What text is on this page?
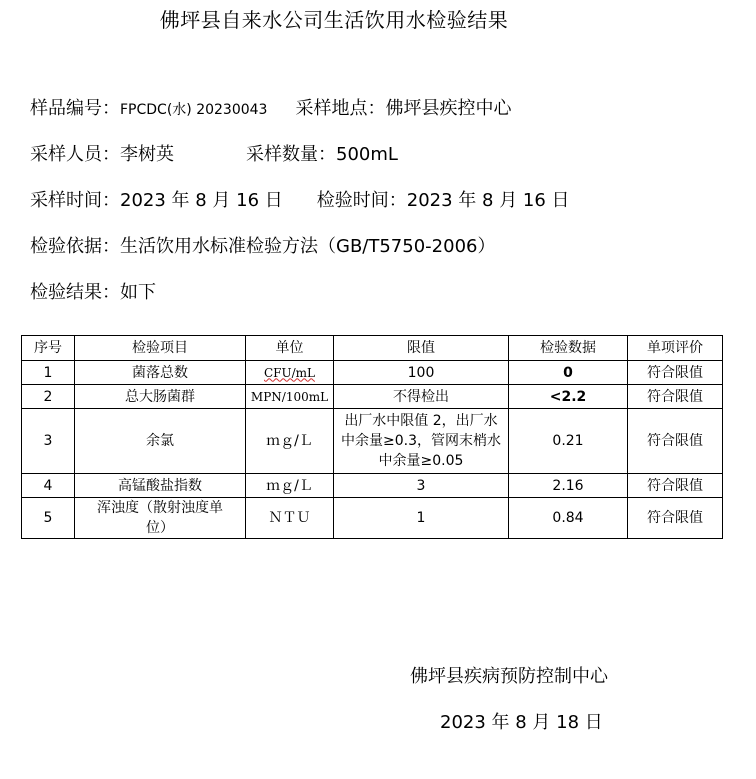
佛坪县自来水公司生活饮用水检验结果
样品编号：FPCDC(水) 20230043 采样地点：佛坪县疾控中心
采样人员：李树英	采样数量：500mL
采样时间：2023 年 8 月 16 日 检验时间：2023 年 8 月 16 日
检验依据：生活饮用水标准检验方法（GB/T5750-2006）
检验结果：如下
序号	检验项目	单位	限值	检验数据	单项评价
1	菌落总数	CFU/mL	100	0	符合限值
2	总大肠菌群	MPN/100mL	不得检出	<2.2	符合限值
3	余氯	ｍｇ/Ｌ	出厂水中限值 2，出厂水中余量≥0.3，管网末梢水中余量≥0.05	0.21	符合限值
4	高锰酸盐指数	ｍｇ/Ｌ	3	2.16	符合限值
5	浑浊度（散射浊度单位）	ＮＴＵ	1	0.84	符合限值
佛坪县疾病预防控制中心
2023 年 8 月 18 日
